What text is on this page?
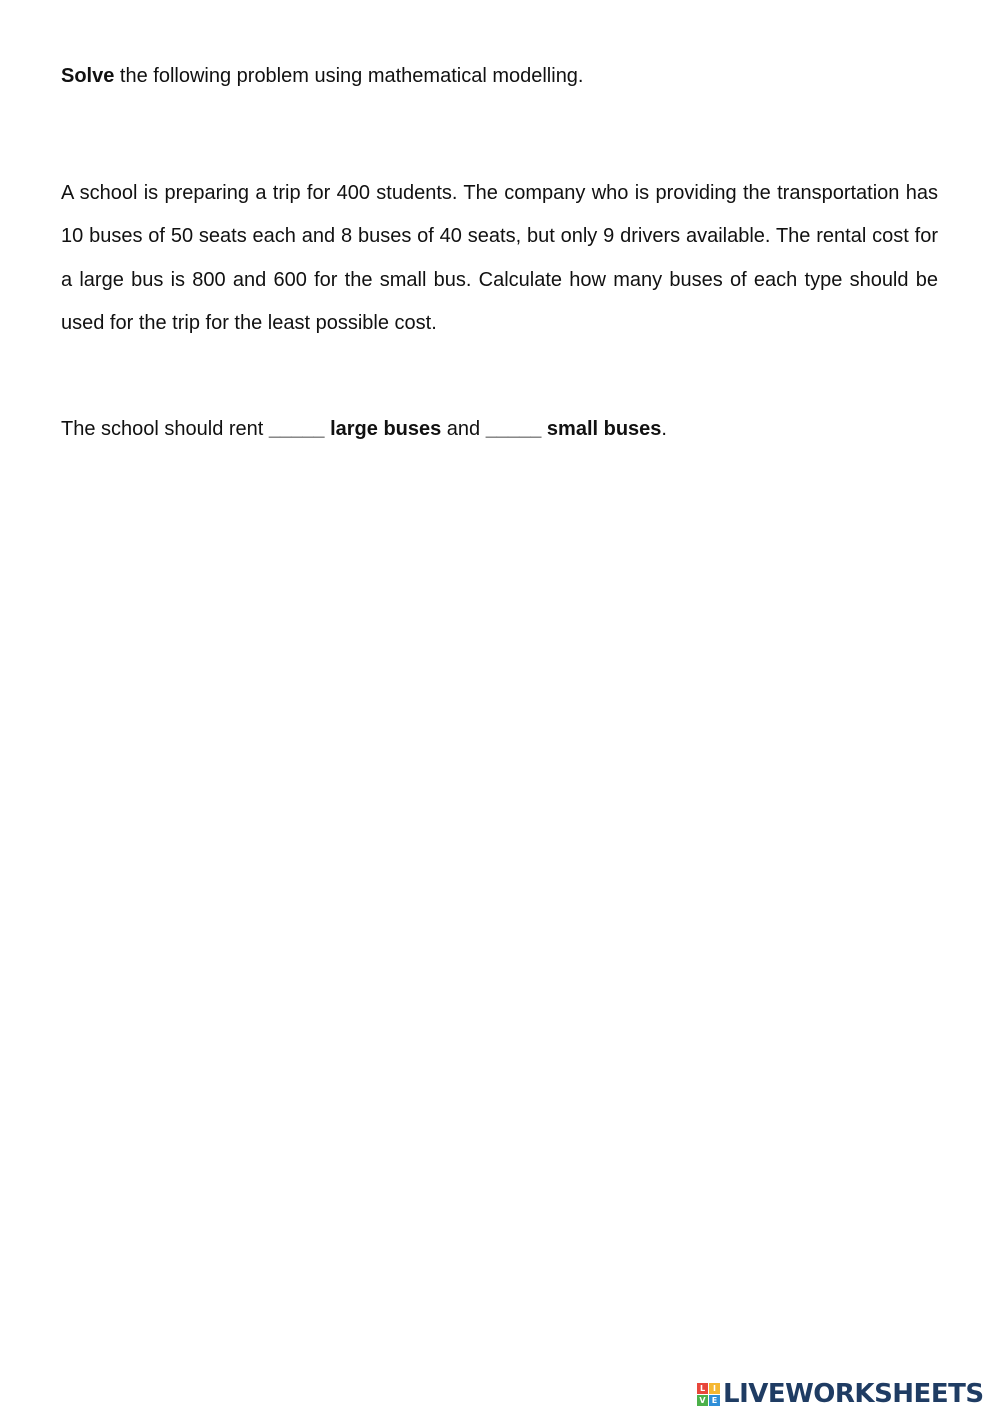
Solve the following problem using mathematical modelling.

A school is preparing a trip for 400 students. The company who is providing the transportation has 10 buses of 50 seats each and 8 buses of 40 seats, but only 9 drivers available. The rental cost for a large bus is 800 and 600 for the small bus. Calculate how many buses of each type should be used for the trip for the least possible cost.

The school should rent _____ large buses and _____ small buses.

L I
V E LIVEWORKSHEETS
